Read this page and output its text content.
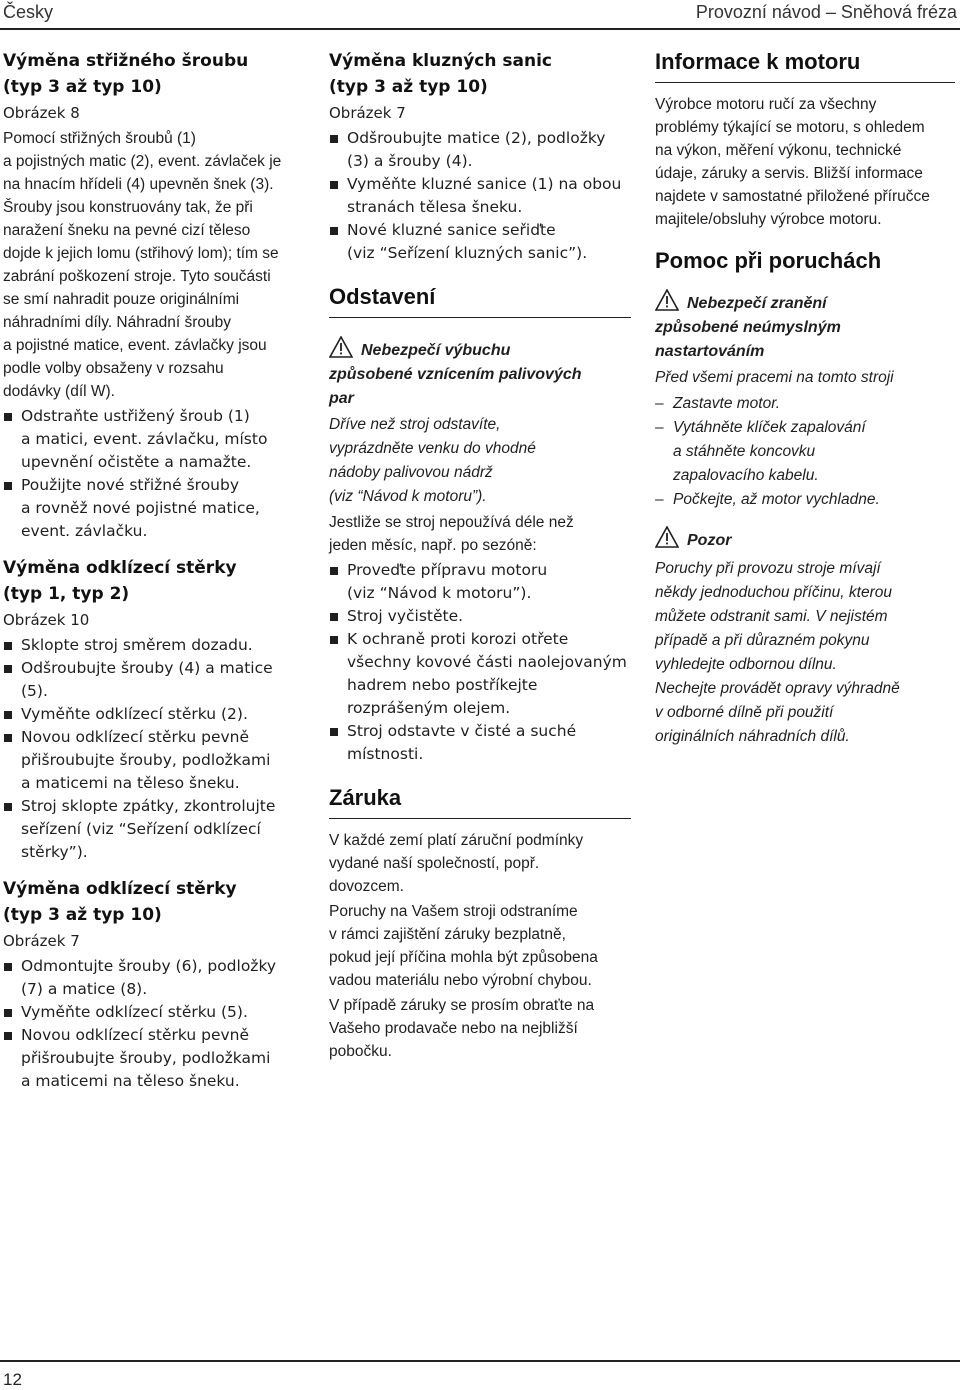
Česky	Provozní návod – Sněhová fréza
Výměna střižného šroubu
(typ 3 až typ 10)

Obrázek 8

Pomocí střižných šroubů (1)
a pojistných matic (2), event. závlaček je
na hnacím hřídeli (4) upevněn šnek (3).
Šrouby jsou konstruovány tak, že při
naražení šneku na pevné cizí těleso
dojde k jejich lomu (střihový lom); tím se
zabrání poškození stroje. Tyto součásti
se smí nahradit pouze originálními
náhradními díly. Náhradní šrouby
a pojistné matice, event. závlačky jsou
podle volby obsaženy v rozsahu
dodávky (díl W).

Odstraňte ustřižený šroub (1)
a matici, event. závlačku, místo
upevnění očistěte a namažte.
Použijte nové střižné šrouby
a rovněž nové pojistné matice,
event. závlačku.
Výměna odklízecí stěrky
(typ 1, typ 2)

Obrázek 10

Sklopte stroj směrem dozadu.
Odšroubujte šrouby (4) a matice
(5).
Vyměňte odklízecí stěrku (2).
Novou odklízecí stěrku pevně
přišroubujte šrouby, podložkami
a maticemi na těleso šneku.
Stroj sklopte zpátky, zkontrolujte
seřízení (viz “Seřízení odklízecí
stěrky”).
Výměna odklízecí stěrky
(typ 3 až typ 10)

Obrázek 7

Odmontujte šrouby (6), podložky
(7) a matice (8).
Vyměňte odklízecí stěrku (5).
Novou odklízecí stěrku pevně
přišroubujte šrouby, podložkami
a maticemi na těleso šneku.
Výměna kluzných sanic
(typ 3 až typ 10)

Obrázek 7

Odšroubujte matice (2), podložky
(3) a šrouby (4).
Vyměňte kluzné sanice (1) na obou
stranách tělesa šneku.
Nové kluzné sanice seřiďte
(viz “Seřízení kluzných sanic”).
Odstavení

Nebezpečí výbuchu
způsobené vznícením palivových
par

Dříve než stroj odstavíte,
vyprázdněte venku do vhodné
nádoby palivovou nádrž
(viz “Návod k motoru”).

Jestliže se stroj nepoužívá déle než
jeden měsíc, např. po sezóně:

Proveďte přípravu motoru
(viz “Návod k motoru”).
Stroj vyčistěte.
K ochraně proti korozi otřete
všechny kovové části naolejovaným
hadrem nebo postříkejte
rozprášeným olejem.
Stroj odstavte v čisté a suché
místnosti.
Záruka

V každé zemí platí záruční podmínky
vydané naší společností, popř.
dovozcem.

Poruchy na Vašem stroji odstraníme
v rámci zajištění záruky bezplatně,
pokud její příčina mohla být způsobena
vadou materiálu nebo výrobní chybou.

V případě záruky se prosím obraťte na
Vašeho prodavače nebo na nejbližší
pobočku.

Informace k motoru

Výrobce motoru ručí za všechny
problémy týkající se motoru, s ohledem
na výkon, měření výkonu, technické
údaje, záruky a servis. Bližší informace
najdete v samostatné přiložené příručce
majitele/obsluhy výrobce motoru.

Pomoc při poruchách

Nebezpečí zranění
způsobené neúmyslným
nastartováním

Před všemi pracemi na tomto stroji

– Zastavte motor.
– Vytáhněte klíček zapalování
a stáhněte koncovku
zapalovacího kabelu.
– Počkejte, až motor vychladne.

Pozor

Poruchy při provozu stroje mívají
někdy jednoduchou příčinu, kterou
můžete odstranit sami. V nejistém
případě a při důrazném pokynu
vyhledejte odbornou dílnu.
Nechejte provádět opravy výhradně
v odborné dílně při použití
originálních náhradních dílů.

12
